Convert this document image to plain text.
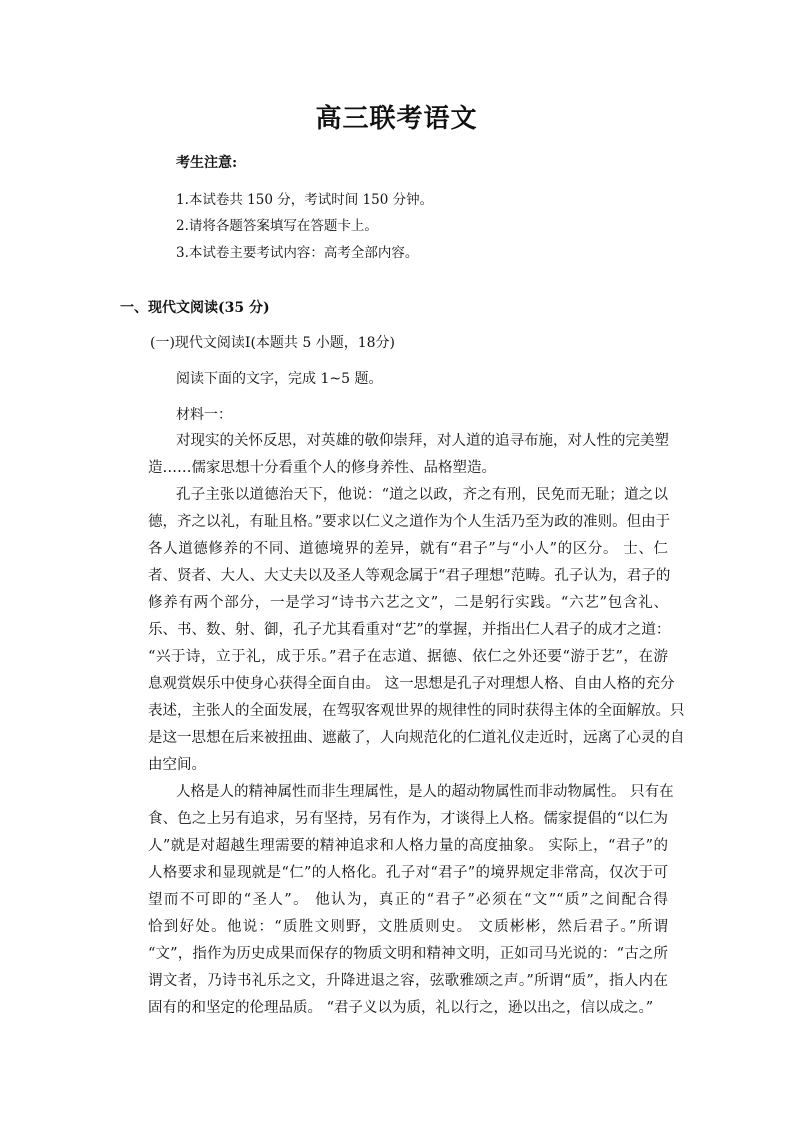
高三联考语文
考生注意:
1.本试卷共 150 分，考试时间 150 分钟。
2.请将各题答案填写在答题卡上。
3.本试卷主要考试内容：高考全部内容。
一、现代文阅读(35 分)
(一)现代文阅读Ⅰ(本题共 5 小题，18分)
阅读下面的文字，完成 1~5 题。
材料一：
对现实的关怀反思，对英雄的敬仰崇拜，对人道的追寻布施，对人性的完美塑
造……儒家思想十分看重个人的修身养性、品格塑造。
孔子主张以道德治天下，他说：“道之以政，齐之有刑，民免而无耻；道之以
德，齐之以礼，有耻且格。”要求以仁义之道作为个人生活乃至为政的准则。但由于
各人道德修养的不同、道德境界的差异，就有“君子”与“小人”的区分。 士、仁
者、贤者、大人、大丈夫以及圣人等观念属于“君子理想”范畴。孔子认为，君子的
修养有两个部分，一是学习“诗书六艺之文”，二是躬行实践。“六艺”包含礼、
乐、书、数、射、御，孔子尤其看重对“艺”的掌握，并指出仁人君子的成才之道：
“兴于诗，立于礼，成于乐。”君子在志道、据德、依仁之外还要“游于艺”，在游
息观赏娱乐中使身心获得全面自由。 这一思想是孔子对理想人格、自由人格的充分
表述，主张人的全面发展，在驾驭客观世界的规律性的同时获得主体的全面解放。只
是这一思想在后来被扭曲、遮蔽了，人向规范化的仁道礼仪走近时，远离了心灵的自
由空间。
人格是人的精神属性而非生理属性，是人的超动物属性而非动物属性。 只有在
食、色之上另有追求，另有坚持，另有作为，才谈得上人格。儒家提倡的“以仁为
人”就是对超越生理需要的精神追求和人格力量的高度抽象。 实际上，“君子”的
人格要求和显现就是“仁”的人格化。孔子对“君子”的境界规定非常高，仅次于可
望而不可即的“圣人”。 他认为，真正的“君子”必须在“文”“质”之间配合得
恰到好处。他说：“质胜文则野，文胜质则史。 文质彬彬，然后君子。”所谓
“文”，指作为历史成果而保存的物质文明和精神文明，正如司马光说的：“古之所
谓文者，乃诗书礼乐之文，升降进退之容，弦歌雅颂之声。”所谓“质”，指人内在
固有的和坚定的伦理品质。 “君子义以为质，礼以行之，逊以出之，信以成之。”
